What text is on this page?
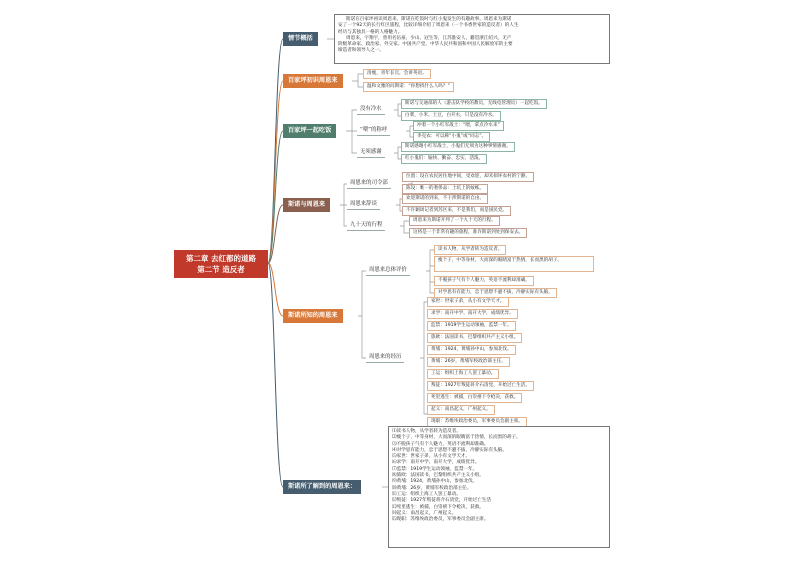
第二章 去红都的道路
第二节 造反者
情节概括
斯诺在百家坪初识周恩来，斯诺在吃饭时与红小鬼发生的有趣故事。周恩来为斯诺
安了一个92天的长行红区旅程，比较详细介绍了周恩来（一个书香世家的造反者）的人生
经历与其独具一格的人格魅力。
周恩来，字翔宇，曾用名伍豪、少山、冠生等，江苏淮安人，籍贯浙江绍兴。无产
阶级革命家、政治家、外交家。中国共产党、中华人民共和国和中国人民解放军的主要
缔造者和领导人之一。
百家坪初识周恩来
清瘦，青年长官，会讲英语。
温和文雅的问斯诺：“你想找什么人吗？”
百家坪一起吃饭
没有冷水
斯诺与交通部的人（游击队学校的教员，无线电管理员）一起吃饭。
白菜，小米、土豆，白开水，只是没有冷水。
“喂”的称呼
冲着一个小红军战士：“喂，拿点冷水来”
李克农：可以称“小鬼”或“同志”。
无须感谢
斯诺感谢小红军战士，小鬼们无须为这种事情感谢。
红小鬼们：愉快、勤奋、忠实、活泼。
斯诺与周恩来
周恩来的司令部
位置：设在农民居住地中间，受欢迎，却未损坏农村的宁静。
陈设：唯一的奢侈品：土坑上的蚊帐。
周恩来辞谈
欢迎斯诺的到来，不干涉斯诺的自由。
不许剿闭记者到苏区来，不是我们，而是国民党。
九十天的行程
周恩来为斯诺开列了一个九十天的行程。
这将是一个非常有趣的旅程，准许斯诺到处到保安去。
斯诺所知的周恩来
周恩来总体评价
读书人物，从学者转为造反者。
瘦个子，中等身材，大而深的眼睛富于热情，长而黑的胡子。
不脱孩子气有个人魅力，英语不流利却准确。
对学思有有能力，忠于思想不避不拔，冷静实际有头脑。
周恩来的经历
家世：世家子弟，从小有文学天才。
求学：南开中学、南开大学，成绩优异。
监禁：1919学生运动领袖，监禁一年。
旅欧：法国读书，巴黎组织共产主义小组。
黄埔：1924，黄埔孙中山，参加北伐。
黄埔：26岁，黄埔军校政治部主任。
工运：组织上海工人罢工暴动。
叛徒：1927年叛徒蒋介石清党，开始过亡生活。
死里逃生：被捕，白崇禧下令枪决，获救。
起义：南昌起义，广州起义。
现职：苏维埃政治委员，军事委员会副主席。
斯诺所了解到的周恩来：
⑴读书人物，从学者转为造反者。
⑵瘦个子，中等身材，大而深的眼睛富于热情，长而黑的胡子。
⑶不脱孩子气有个人魅力，英语不流利却准确。
⑷对学思有能力，忠于思想不避不拔，冷静实际有头脑。
⑸家世：世家子弟，从小有文学天才。
⑹求学：南开中学、南开大学，成绩优异。
⑺监禁：1919学生运动领袖，监禁一年。
⑻旅欧：法国读书，巴黎组织共产主义小组。
⑼黄埔：1924，黄埔孙中山，参加北伐。
⑽黄埔：26岁，黄埔军校政治部主任。
⑾工运：组织上海工人罢工暴动。
⑿叛徒：1927年叛徒蒋介石清党，开始过亡生活
⒀死里逃生：被捕，白崇禧下令枪决，获救。
⒁起义：南昌起义，广州起义。
⒂现职：苏维埃政治委员，军事委员会副主席。
